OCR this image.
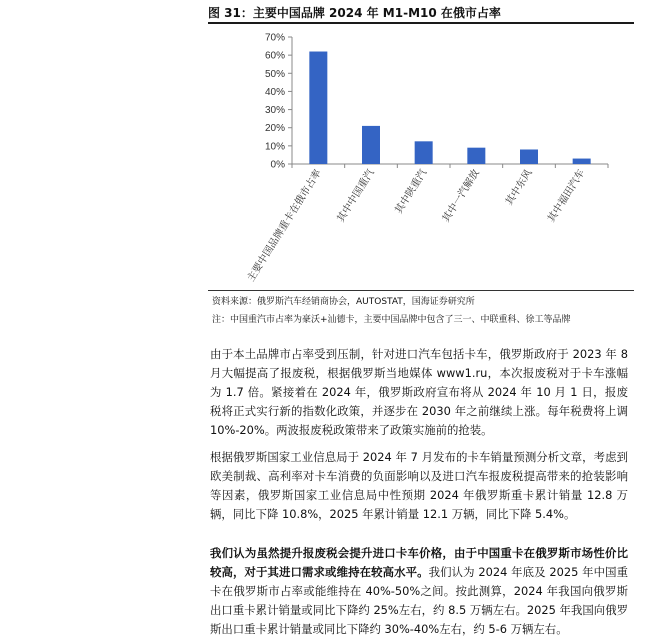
图 31：主要中国品牌 2024 年 M1-M10 在俄市占率
0%
10%
20%
30%
40%
50%
60%
70%
主要中国品牌重卡在俄市占率 其中中国重汽 其中陕重汽 其中一汽解放 其中东风 其中福田汽车
资料来源：俄罗斯汽车经销商协会，AUTOSTAT，国海证券研究所
注：中国重汽市占率为豪沃+汕德卡，主要中国品牌中包含了三一、中联重科、徐工等品牌

由于本土品牌市占率受到压制，针对进口汽车包括卡车，俄罗斯政府于 2023 年 8 月大幅提高了报废税，根据俄罗斯当地媒体 www1.ru，本次报废税对于卡车涨幅为 1.7 倍。紧接着在 2024 年，俄罗斯政府宣布将从 2024 年 10 月 1 日，报废税将正式实行新的指数化政策，并逐步在 2030 年之前继续上涨。每年税费将上调 10%-20%。两波报废税政策带来了政策实施前的抢装。

根据俄罗斯国家工业信息局于 2024 年 7 月发布的卡车销量预测分析文章，考虑到欧美制裁、高利率对卡车消费的负面影响以及进口汽车报废税提高带来的抢装影响等因素，俄罗斯国家工业信息局中性预期 2024 年俄罗斯重卡累计销量 12.8 万辆，同比下降 10.8%，2025 年累计销量 12.1 万辆，同比下降 5.4%。

我们认为虽然提升报废税会提升进口卡车价格，由于中国重卡在俄罗斯市场性价比较高，对于其进口需求或维持在较高水平。我们认为 2024 年底及 2025 年中国重卡在俄罗斯市占率或能维持在 40%-50%之间。按此测算，2024 年我国向俄罗斯出口重卡累计销量或同比下降约 25%左右，约 8.5 万辆左右。2025 年我国向俄罗斯出口重卡累计销量或同比下降约 30%-40%左右，约 5-6 万辆左右。
